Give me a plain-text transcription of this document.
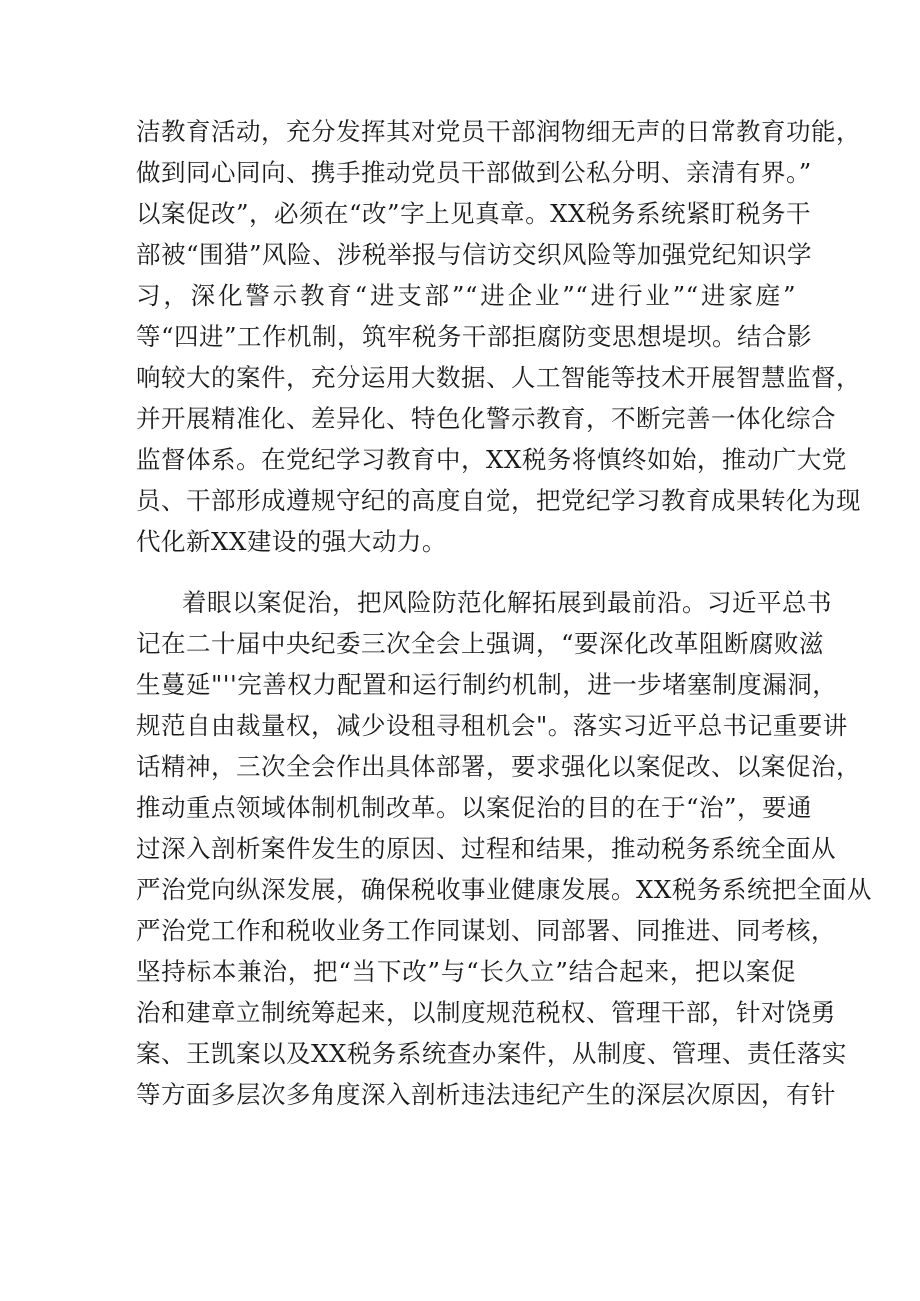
洁教育活动，充分发挥其对党员干部润物细无声的日常教育功能，
做到同心同向、携手推动党员干部做到公私分明、亲清有界。”
以案促改”，必须在“改”字上见真章。XX税务系统紧盯税务干
部被“围猎”风险、涉税举报与信访交织风险等加强党纪知识学
习，深化警示教育“进支部”“进企业”“进行业”“进家庭”
等“四进”工作机制，筑牢税务干部拒腐防变思想堤坝。结合影
响较大的案件，充分运用大数据、人工智能等技术开展智慧监督，
并开展精准化、差异化、特色化警示教育，不断完善一体化综合
监督体系。在党纪学习教育中，XX税务将慎终如始，推动广大党
员、干部形成遵规守纪的高度自觉，把党纪学习教育成果转化为现
代化新XX建设的强大动力。
着眼以案促治，把风险防范化解拓展到最前沿。习近平总书
记在二十届中央纪委三次全会上强调，“要深化改革阻断腐败滋
生蔓延"''完善权力配置和运行制约机制，进一步堵塞制度漏洞，
规范自由裁量权，减少设租寻租机会"。落实习近平总书记重要讲
话精神，三次全会作出具体部署，要求强化以案促改、以案促治，
推动重点领域体制机制改革。以案促治的目的在于“治”，要通
过深入剖析案件发生的原因、过程和结果，推动税务系统全面从
严治党向纵深发展，确保税收事业健康发展。XX税务系统把全面从
严治党工作和税收业务工作同谋划、同部署、同推进、同考核，
坚持标本兼治，把“当下改”与“长久立”结合起来，把以案促
治和建章立制统筹起来，以制度规范税权、管理干部，针对饶勇
案、王凯案以及XX税务系统查办案件，从制度、管理、责任落实
等方面多层次多角度深入剖析违法违纪产生的深层次原因，有针
